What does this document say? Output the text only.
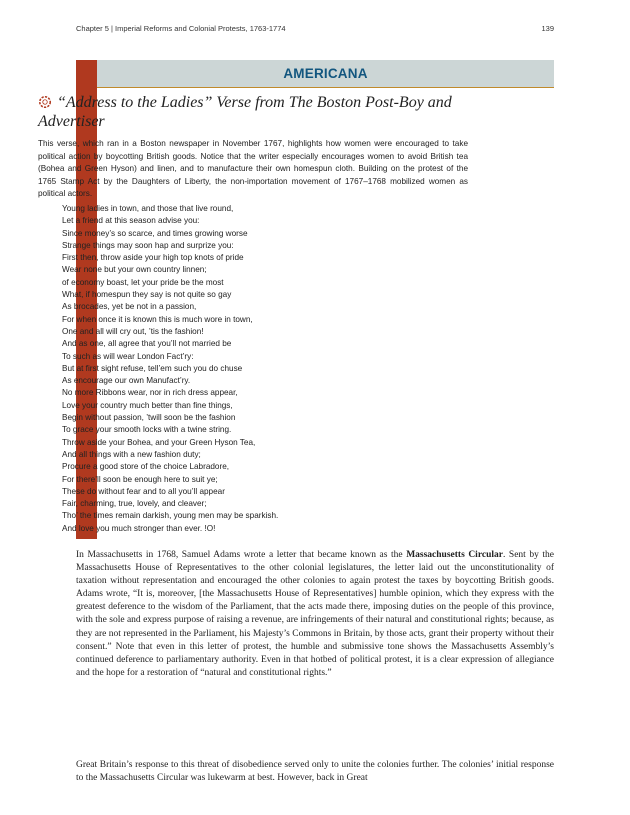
Chapter 5 | Imperial Reforms and Colonial Protests, 1763-1774	139
AMERICANA
“Address to the Ladies” Verse from The Boston Post-Boy and Advertiser
This verse, which ran in a Boston newspaper in November 1767, highlights how women were encouraged to take political action by boycotting British goods. Notice that the writer especially encourages women to avoid British tea (Bohea and Green Hyson) and linen, and to manufacture their own homespun cloth. Building on the protest of the 1765 Stamp Act by the Daughters of Liberty, the non-importation movement of 1767–1768 mobilized women as political actors.
Young ladies in town, and those that live round,
Let a friend at this season advise you:
Since money’s so scarce, and times growing worse
Strange things may soon hap and surprize you:
First then, throw aside your high top knots of pride
Wear none but your own country linnen;
of economy boast, let your pride be the most
What, if homespun they say is not quite so gay
As brocades, yet be not in a passion,
For when once it is known this is much wore in town,
One and all will cry out, ’tis the fashion!
And as one, all agree that you’ll not married be
To such as will wear London Fact’ry:
But at first sight refuse, tell’em such you do chuse
As encourage our own Manufact’ry.
No more Ribbons wear, nor in rich dress appear,
Love your country much better than fine things,
Begin without passion, ’twill soon be the fashion
To grace your smooth locks with a twine string.
Throw aside your Bohea, and your Green Hyson Tea,
And all things with a new fashion duty;
Procure a good store of the choice Labradore,
For there’ll soon be enough here to suit ye;
These do without fear and to all you’ll appear
Fair, charming, true, lovely, and cleaver;
Tho’ the times remain darkish, young men may be sparkish.
And love you much stronger than ever. !O!
In Massachusetts in 1768, Samuel Adams wrote a letter that became known as the Massachusetts Circular. Sent by the Massachusetts House of Representatives to the other colonial legislatures, the letter laid out the unconstitutionality of taxation without representation and encouraged the other colonies to again protest the taxes by boycotting British goods. Adams wrote, “It is, moreover, [the Massachusetts House of Representatives] humble opinion, which they express with the greatest deference to the wisdom of the Parliament, that the acts made there, imposing duties on the people of this province, with the sole and express purpose of raising a revenue, are infringements of their natural and constitutional rights; because, as they are not represented in the Parliament, his Majesty’s Commons in Britain, by those acts, grant their property without their consent.” Note that even in this letter of protest, the humble and submissive tone shows the Massachusetts Assembly’s continued deference to parliamentary authority. Even in that hotbed of political protest, it is a clear expression of allegiance and the hope for a restoration of “natural and constitutional rights.”
Great Britain’s response to this threat of disobedience served only to unite the colonies further. The colonies’ initial response to the Massachusetts Circular was lukewarm at best. However, back in Great
